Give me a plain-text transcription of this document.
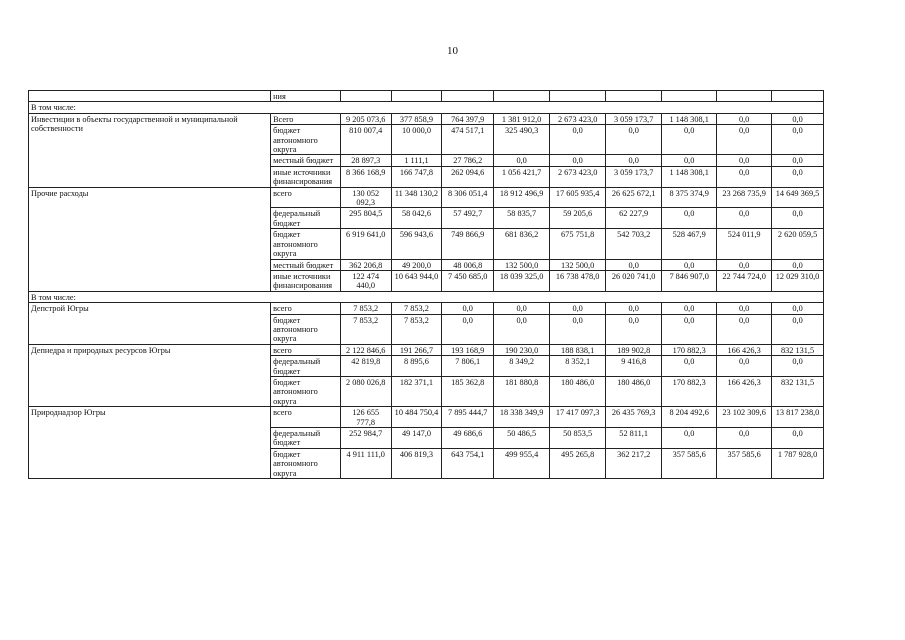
10
	ния									
В том числе:										
Инвестиции в объекты государственной и муниципальной собственности	Всего	9 205 073,6	377 858,9	764 397,9	1 381 912,0	2 673 423,0	3 059 173,7	1 148 308,1	0,0	0,0
	бюджет автономного округа	810 007,4	10 000,0	474 517,1	325 490,3	0,0	0,0	0,0	0,0	0,0
	местный бюджет	28 897,3	1 111,1	27 786,2	0,0	0,0	0,0	0,0	0,0	0,0
	иные источники финансирования	8 366 168,9	166 747,8	262 094,6	1 056 421,7	2 673 423,0	3 059 173,7	1 148 308,1	0,0	0,0
Прочие расходы	всего	130 052 092,3	11 348 130,2	8 306 051,4	18 912 496,9	17 605 935,4	26 625 672,1	8 375 374,9	23 268 735,9	14 649 369,5
	федеральный бюджет	295 804,5	58 042,6	57 492,7	58 835,7	59 205,6	62 227,9	0,0	0,0	0,0
	бюджет автономного округа	6 919 641,0	596 943,6	749 866,9	681 836,2	675 751,8	542 703,2	528 467,9	524 011,9	2 620 059,5
	местный бюджет	362 206,8	49 200,0	48 006,8	132 500,0	132 500,0	0,0	0,0	0,0	0,0
	иные источники финансирования	122 474 440,0	10 643 944,0	7 450 685,0	18 039 325,0	16 738 478,0	26 020 741,0	7 846 907,0	22 744 724,0	12 029 310,0
В том числе:										
Депстрой Югры	всего	7 853,2	7 853,2	0,0	0,0	0,0	0,0	0,0	0,0	0,0
	бюджет автономного округа	7 853,2	7 853,2	0,0	0,0	0,0	0,0	0,0	0,0	0,0
Депнедра и природных ресурсов Югры	всего	2 122 846,6	191 266,7	193 168,9	190 230,0	188 838,1	189 902,8	170 882,3	166 426,3	832 131,5
	федеральный бюджет	42 819,8	8 895,6	7 806,1	8 349,2	8 352,1	9 416,8	0,0	0,0	0,0
	бюджет автономного округа	2 080 026,8	182 371,1	185 362,8	181 880,8	180 486,0	180 486,0	170 882,3	166 426,3	832 131,5
Природнадзор Югры	всего	126 655 777,8	10 484 750,4	7 895 444,7	18 338 349,9	17 417 097,3	26 435 769,3	8 204 492,6	23 102 309,6	13 817 238,0
	федеральный бюджет	252 984,7	49 147,0	49 686,6	50 486,5	50 853,5	52 811,1	0,0	0,0	0,0
	бюджет автономного округа	4 911 111,0	406 819,3	643 754,1	499 955,4	495 265,8	362 217,2	357 585,6	357 585,6	1 787 928,0
